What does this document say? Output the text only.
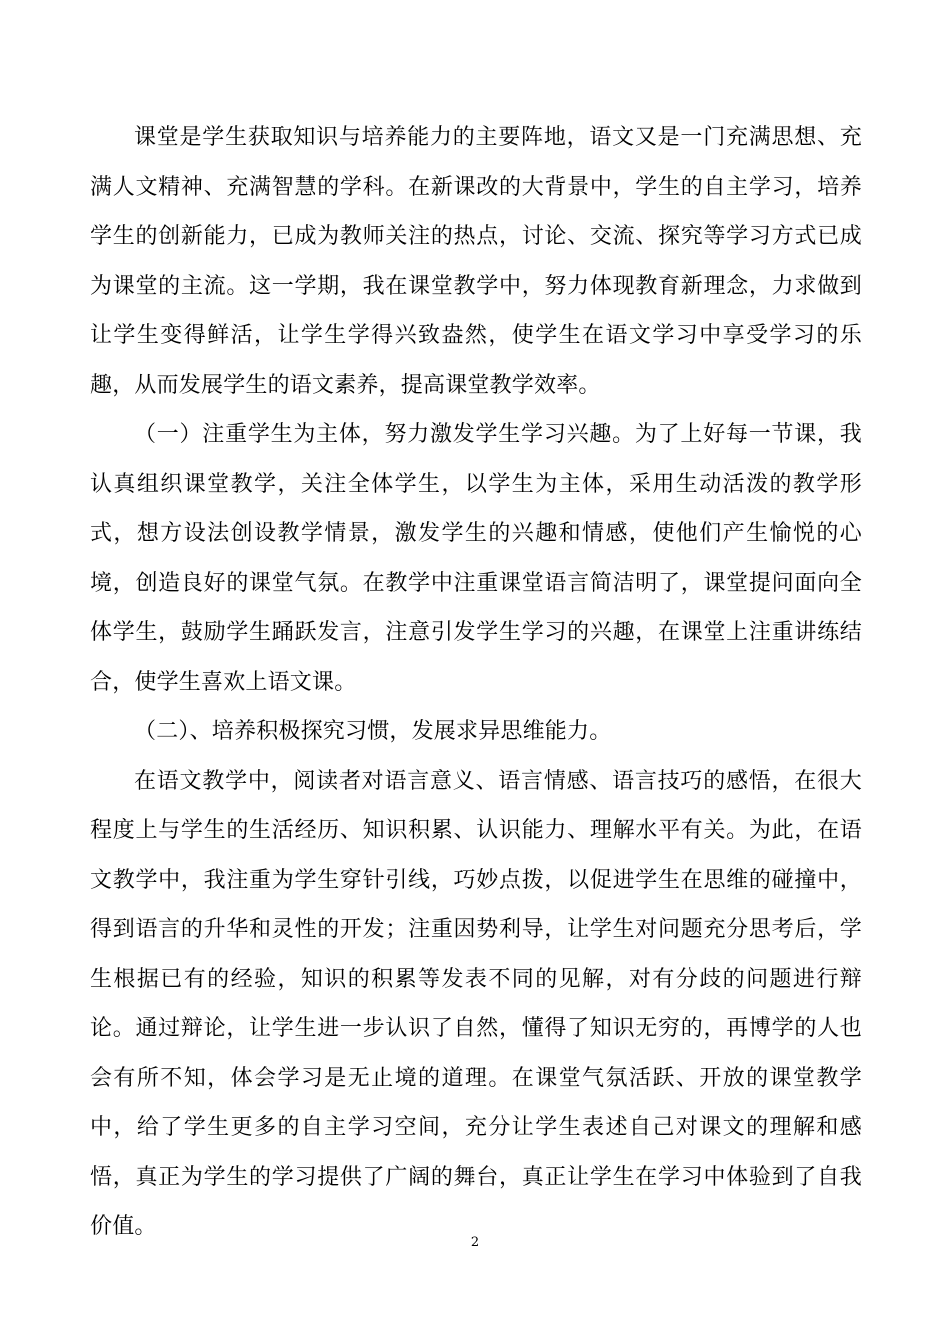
课堂是学生获取知识与培养能力的主要阵地，语文又是一门充满思想、充满人文精神、充满智慧的学科。在新课改的大背景中，学生的自主学习，培养学生的创新能力，已成为教师关注的热点，讨论、交流、探究等学习方式已成为课堂的主流。这一学期，我在课堂教学中，努力体现教育新理念，力求做到让学生变得鲜活，让学生学得兴致盎然，使学生在语文学习中享受学习的乐趣，从而发展学生的语文素养，提高课堂教学效率。

（一）注重学生为主体，努力激发学生学习兴趣。为了上好每一节课，我认真组织课堂教学，关注全体学生，以学生为主体，采用生动活泼的教学形式，想方设法创设教学情景，激发学生的兴趣和情感，使他们产生愉悦的心境，创造良好的课堂气氛。在教学中注重课堂语言简洁明了，课堂提问面向全体学生，鼓励学生踊跃发言，注意引发学生学习的兴趣，在课堂上注重讲练结合，使学生喜欢上语文课。

（二）、培养积极探究习惯，发展求异思维能力。

在语文教学中，阅读者对语言意义、语言情感、语言技巧的感悟，在很大程度上与学生的生活经历、知识积累、认识能力、理解水平有关。为此，在语文教学中，我注重为学生穿针引线，巧妙点拨，以促进学生在思维的碰撞中，得到语言的升华和灵性的开发；注重因势利导，让学生对问题充分思考后，学生根据已有的经验，知识的积累等发表不同的见解，对有分歧的问题进行辩论。通过辩论，让学生进一步认识了自然，懂得了知识无穷的，再博学的人也会有所不知，体会学习是无止境的道理。在课堂气氛活跃、开放的课堂教学中，给了学生更多的自主学习空间，充分让学生表述自己对课文的理解和感悟，真正为学生的学习提供了广阔的舞台，真正让学生在学习中体验到了自我价值。

2
